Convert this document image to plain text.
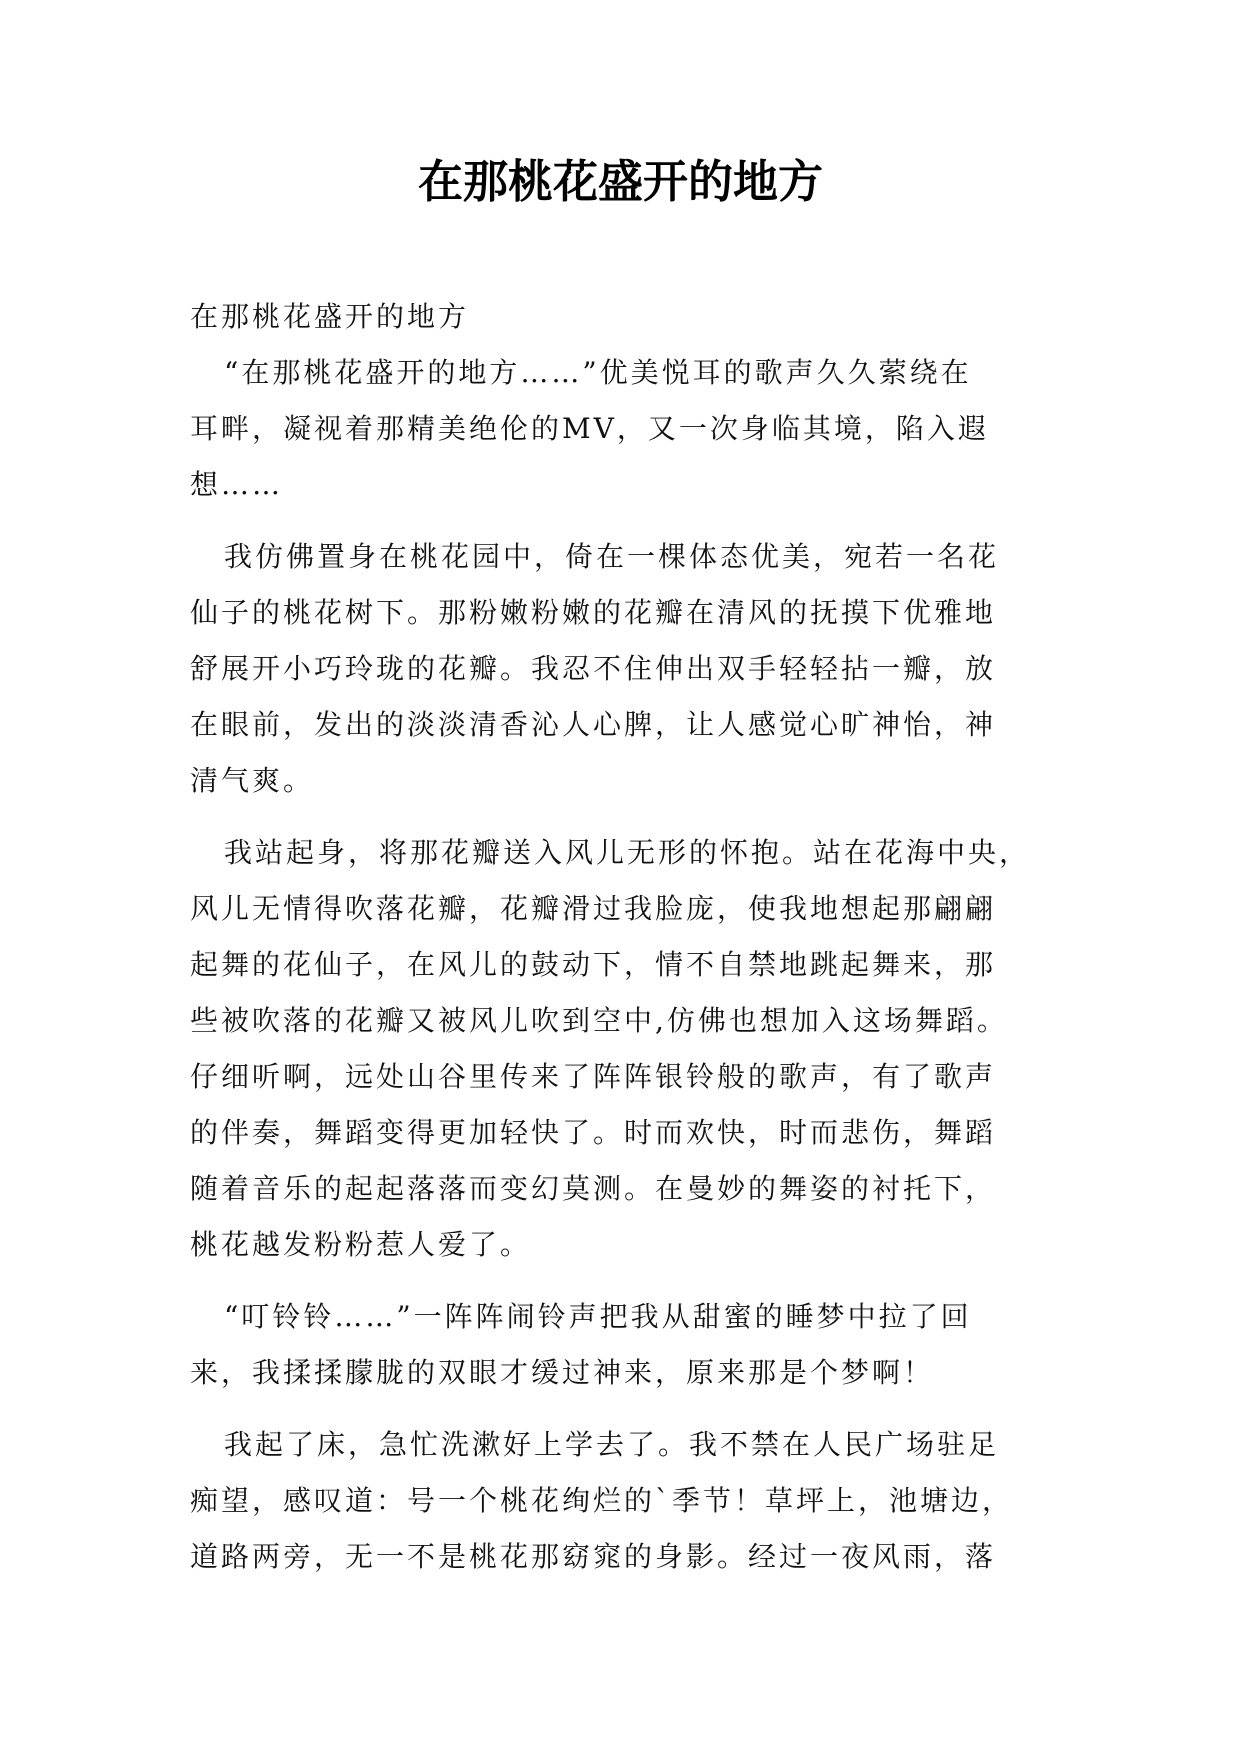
在那桃花盛开的地方

在那桃花盛开的地方

“在那桃花盛开的地方……”优美悦耳的歌声久久萦绕在

耳畔，凝视着那精美绝伦的MV，又一次身临其境，陷入遐

想……

我仿佛置身在桃花园中，倚在一棵体态优美，宛若一名花

仙子的桃花树下。那粉嫩粉嫩的花瓣在清风的抚摸下优雅地

舒展开小巧玲珑的花瓣。我忍不住伸出双手轻轻拈一瓣，放

在眼前，发出的淡淡清香沁人心脾，让人感觉心旷神怡，神

清气爽。

我站起身，将那花瓣送入风儿无形的怀抱。站在花海中央，

风儿无情得吹落花瓣，花瓣滑过我脸庞，使我地想起那翩翩

起舞的花仙子，在风儿的鼓动下，情不自禁地跳起舞来，那

些被吹落的花瓣又被风儿吹到空中,仿佛也想加入这场舞蹈。

仔细听啊，远处山谷里传来了阵阵银铃般的歌声，有了歌声

的伴奏，舞蹈变得更加轻快了。时而欢快，时而悲伤，舞蹈

随着音乐的起起落落而变幻莫测。在曼妙的舞姿的衬托下，

桃花越发粉粉惹人爱了。

“叮铃铃……”一阵阵闹铃声把我从甜蜜的睡梦中拉了回

来，我揉揉朦胧的双眼才缓过神来，原来那是个梦啊！

我起了床，急忙洗漱好上学去了。我不禁在人民广场驻足

痴望，感叹道：号一个桃花绚烂的`季节！草坪上，池塘边，

道路两旁，无一不是桃花那窈窕的身影。经过一夜风雨，落
